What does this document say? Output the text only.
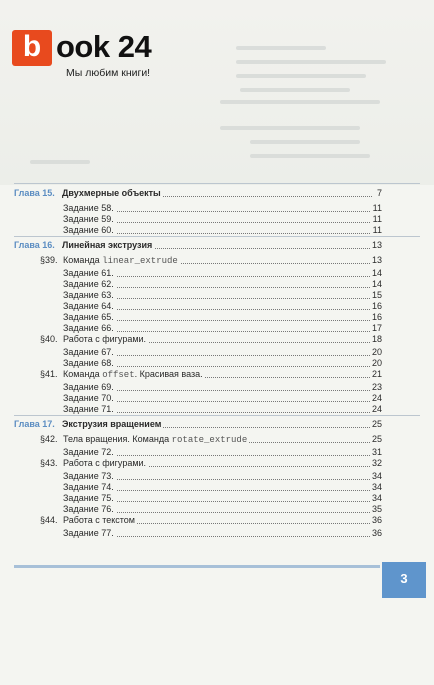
b ook 24
Мы любим книги!
Глава 15. Двухмерные объекты	7
Задание 58.	11
Задание 59.	11
Задание 60.	11
Глава 16. Линейная экструзия	13
§39. Команда linear_extrude	13
Задание 61.	14
Задание 62.	14
Задание 63.	15
Задание 64.	16
Задание 65.	16
Задание 66.	17
§40. Работа с фигурами.	18
Задание 67.	20
Задание 68.	20
§41. Команда offset. Красивая ваза.	21
Задание 69.	23
Задание 70.	24
Задание 71.	24
Глава 17. Экструзия вращением	25
§42. Тела вращения. Команда rotate_extrude	25
Задание 72.	31
§43. Работа с фигурами.	32
Задание 73.	34
Задание 74.	34
Задание 75.	34
Задание 76.	35
§44. Работа с текстом	36
Задание 77.	36
3
